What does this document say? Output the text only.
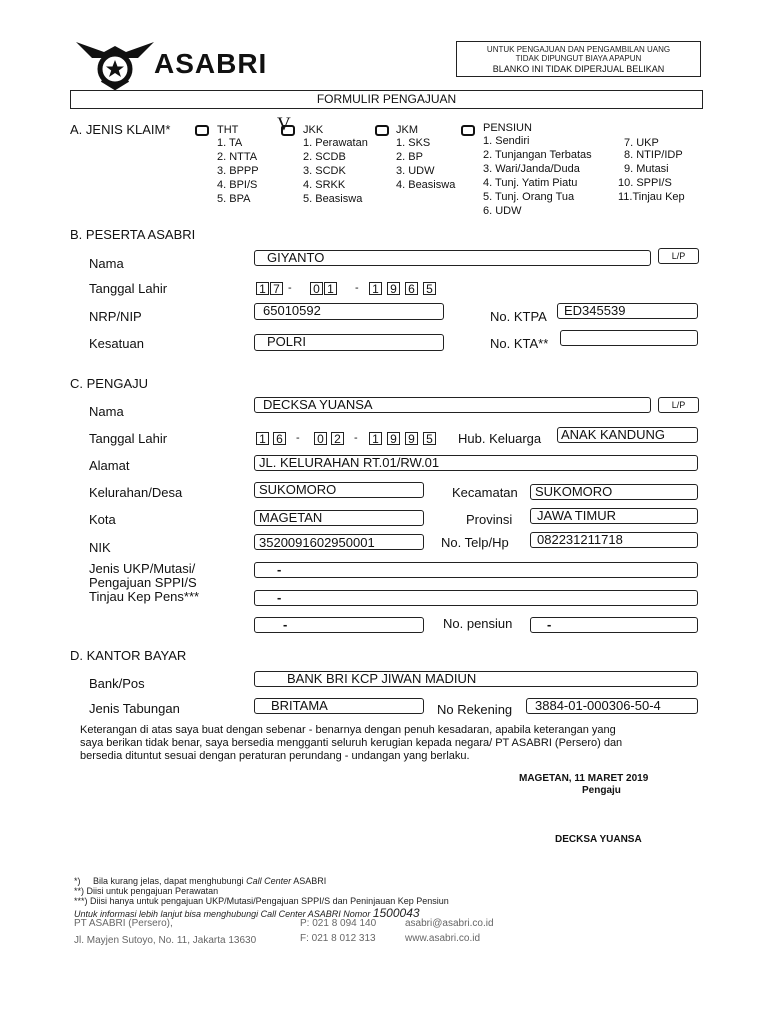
ASABRI	UNTUK PENGAJUAN DAN PENGAMBILAN UANG
TIDAK DIPUNGUT BIAYA APAPUN
BLANKO INI TIDAK DIPERJUAL BELIKAN
FORMULIR PENGAJUAN
A. JENIS KLAIM*	THT
1. TA
2. NTTA
3. BPPP
4. BPI/S
5. BPA
V JKK
1. Perawatan
2. SCDB
3. SCDK
4. SRKK
5. Beasiswa
JKM
1. SKS
2. BP
3. UDW
4. Beasiswa
PENSIUN
1. Sendiri
2. Tunjangan Terbatas
3. Wari/Janda/Duda
4. Tunj. Yatim Piatu
5. Tunj. Orang Tua
6. UDW
7. UKP
8. NTIP/IDP
9. Mutasi
10. SPPI/S
11.Tinjau Kep
B. PESERTA ASABRI
Nama	GIYANTO	L/P
Tanggal Lahir	1 7 - 0 1 - 1 9 6 5
NRP/NIP	65010592	No. KTPA ED345539
Kesatuan	POLRI	No. KTA**
C. PENGAJU
Nama	DECKSA YUANSA	L/P
Tanggal Lahir	1 6 - 0 2 - 1 9 9 5 Hub. Keluarga ANAK KANDUNG
Alamat	JL. KELURAHAN RT.01/RW.01
Kelurahan/Desa	SUKOMORO	Kecamatan SUKOMORO
Kota	MAGETAN	Provinsi JAWA TIMUR
NIK	3520091602950001	No. Telp/Hp 082231211718
Jenis UKP/Mutasi/
Pengajuan SPPI/S
Tinjau Kep Pens***
-
-
-	No. pensiun	-
D. KANTOR BAYAR
Bank/Pos	BANK BRI KCP JIWAN MADIUN
Jenis Tabungan	BRITAMA	No Rekening 3884-01-000306-50-4
Keterangan di atas saya buat dengan sebenar - benarnya dengan penuh kesadaran, apabila keterangan yang
saya berikan tidak benar, saya bersedia mengganti seluruh kerugian kepada negara/ PT ASABRI (Persero) dan
bersedia dituntut sesuai dengan peraturan perundang - undangan yang berlaku.
MAGETAN, 11 MARET 2019
Pengaju
DECKSA YUANSA
*) Bila kurang jelas, dapat menghubungi Call Center ASABRI
**) Diisi untuk pengajuan Perawatan
***) Diisi hanya untuk pengajuan UKP/Mutasi/Pengajuan SPPI/S dan Peninjauan Kep Pensiun
Untuk informasi lebih lanjut bisa menghubungi Call Center ASABRI Nomor 1500043
PT ASABRI (Persero),
Jl. Mayjen Sutoyo, No. 11, Jakarta 13630
P: 021 8 094 140
F: 021 8 012 313
asabri@asabri.co.id
www.asabri.co.id
